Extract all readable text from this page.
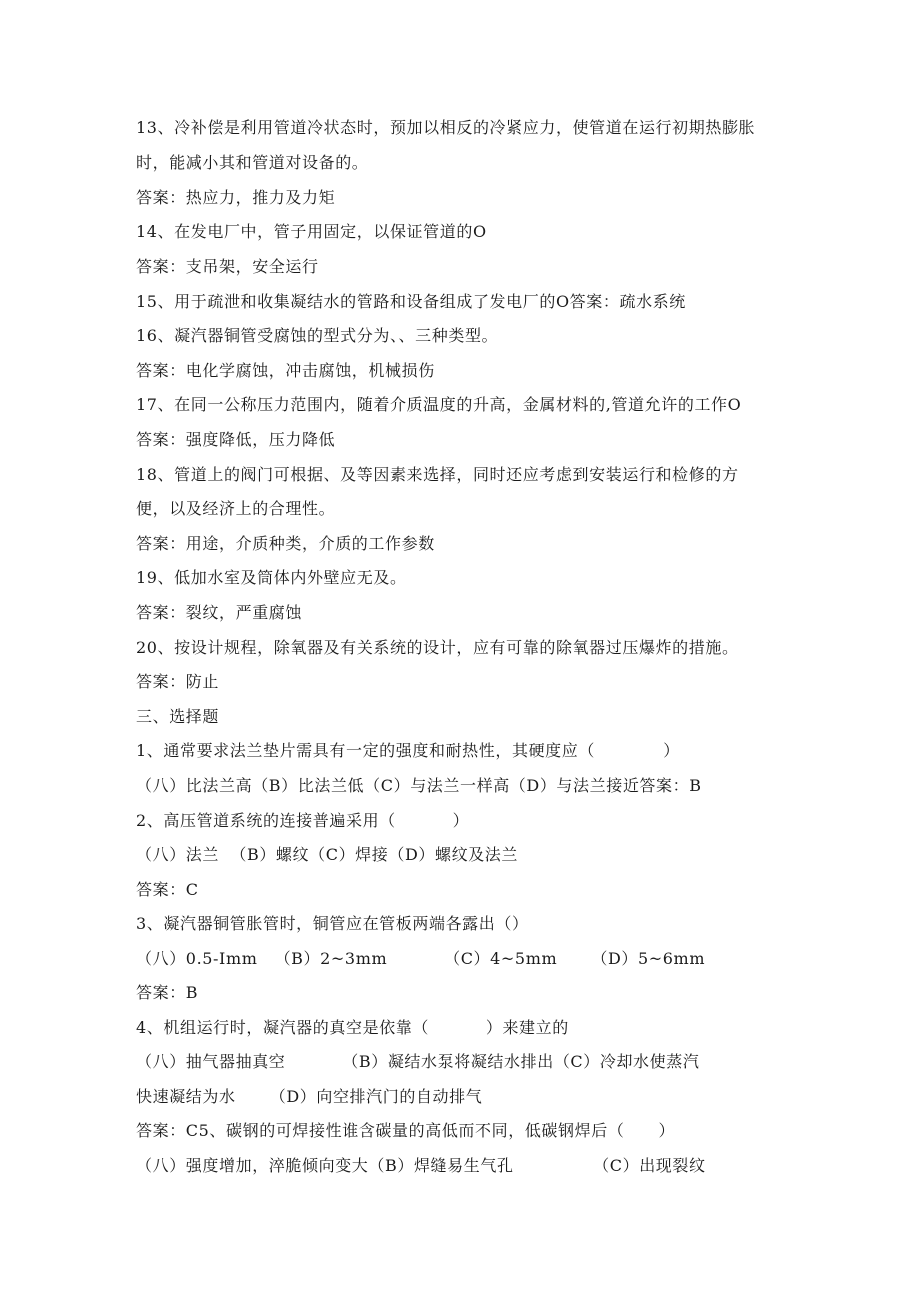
13、冷补偿是利用管道冷状态时，预加以相反的冷紧应力，使管道在运行初期热膨胀
时，能减小其和管道对设备的。
答案：热应力，推力及力矩
14、在发电厂中，管子用固定，以保证管道的O
答案：支吊架，安全运行
15、用于疏泄和收集凝结水的管路和设备组成了发电厂的O答案：疏水系统
16、凝汽器铜管受腐蚀的型式分为、、三种类型。
答案：电化学腐蚀，冲击腐蚀，机械损伤
17、在同一公称压力范围内，随着介质温度的升高，金属材料的,管道允许的工作O
答案：强度降低，压力降低
18、管道上的阀门可根据、及等因素来选择，同时还应考虑到安装运行和检修的方
便，以及经济上的合理性。
答案：用途，介质种类，介质的工作参数
19、低加水室及筒体内外壁应无及。
答案：裂纹，严重腐蚀
20、按设计规程，除氧器及有关系统的设计，应有可靠的除氧器过压爆炸的措施。
答案：防止
三、选择题
1、通常要求法兰垫片需具有一定的强度和耐热性，其硬度应（            ）
（八）比法兰高（B）比法兰低（C）与法兰一样高（D）与法兰接近答案：B
2、高压管道系统的连接普遍采用（          ）
（八）法兰  （B）螺纹（C）焊接（D）螺纹及法兰
答案：C
3、凝汽器铜管胀管时，铜管应在管板两端各露出（）
（八）0.5-Imm   （B）2~3mm          （C）4~5mm      （D）5~6mm
答案：B
4、机组运行时，凝汽器的真空是依靠（          ）来建立的
（八）抽气器抽真空          （B）凝结水泵将凝结水排出（C）冷却水使蒸汽
快速凝结为水      （D）向空排汽门的自动排气
答案：C5、碳钢的可焊接性谁含碳量的高低而不同，低碳钢焊后（      ）
（八）强度增加，淬脆倾向变大（B）焊缝易生气孔              （C）出现裂纹
